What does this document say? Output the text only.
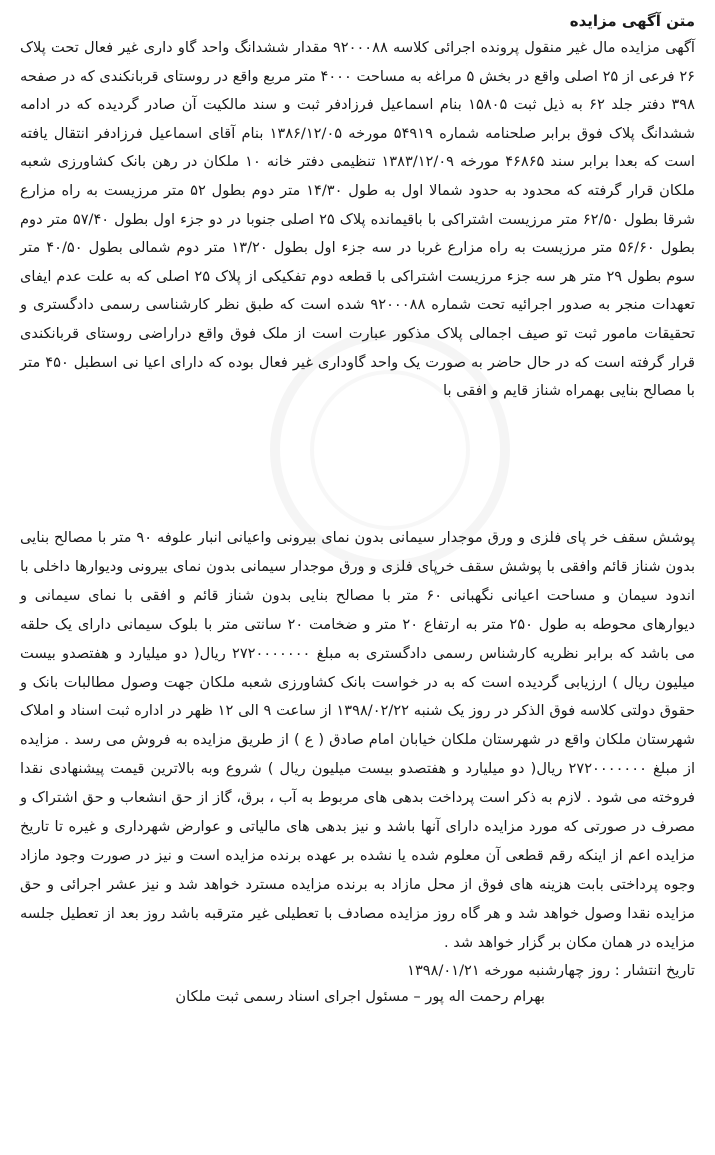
متن آگهی مزایده

آگهی مزایده مال غیر منقول پرونده اجرائی کلاسه ۹۲۰۰۰۸۸ مقدار ششدانگ واحد گاو داری غیر فعال تحت پلاک ۲۶ فرعی از ۲۵ اصلی واقع در بخش ۵ مراغه به مساحت ۴۰۰۰ متر مربع واقع در روستای قربانکندی که در صفحه ۳۹۸ دفتر جلد ۶۲ به ذیل ثبت ۱۵۸۰۵ بنام اسماعیل فرزادفر ثبت و سند مالکیت آن صادر گردیده که در ادامه ششدانگ پلاک فوق برابر صلحنامه شماره ۵۴۹۱۹ مورخه ۱۳۸۶/۱۲/۰۵ بنام آقای اسماعیل فرزادفر انتقال یافته است که بعدا برابر سند ۴۶۸۶۵ مورخه ۱۳۸۳/۱۲/۰۹ تنظیمی دفتر خانه ۱۰ ملکان در رهن بانک کشاورزی شعبه ملکان قرار گرفته که محدود به حدود شمالا اول به طول ۱۴/۳۰ متر دوم بطول ۵۲ متر مرزیست به راه مزارع شرقا بطول ۶۲/۵۰ متر مرزیست اشتراکی با باقیمانده پلاک ۲۵ اصلی جنوبا در دو جزء اول بطول ۵۷/۴۰ متر دوم بطول ۵۶/۶۰ متر مرزیست به راه مزارع غربا در سه جزء اول بطول ۱۳/۲۰ متر دوم شمالی بطول ۴۰/۵۰ متر سوم بطول ۲۹ متر هر سه جزء مرزیست اشتراکی با قطعه دوم تفکیکی از پلاک ۲۵ اصلی که به علت عدم ایفای تعهدات منجر به صدور اجرائیه تحت شماره ۹۲۰۰۰۸۸ شده است که طبق نظر کارشناسی رسمی دادگستری و تحقیقات مامور ثبت تو صیف اجمالی پلاک مذکور عبارت است از ملک فوق واقع دراراضی روستای قربانکندی قرار گرفته است که در حال حاضر به صورت یک واحد گاوداری غیر فعال بوده که دارای اعیا نی اسطبل ۴۵۰ متر با مصالح بنایی بهمراه شناز قایم و افقی با

پوشش سقف خر پای فلزی و ورق موجدار سیمانی بدون نمای بیرونی واعیانی انبار علوفه ۹۰ متر با مصالح بنایی بدون شناز قائم وافقی با پوشش سقف خرپای فلزی و ورق موجدار سیمانی بدون نمای بیرونی ودیوارها داخلی با اندود سیمان و مساحت اعیانی نگهبانی ۶۰ متر با مصالح بنایی بدون شناز قائم و افقی با نمای سیمانی و دیوارهای محوطه به طول ۲۵۰ متر به ارتفاع ۲۰ متر و ضخامت ۲۰ سانتی متر با بلوک سیمانی دارای یک حلقه می باشد که برابر نظریه کارشناس رسمی دادگستری به مبلغ ۲۷۲۰۰۰۰۰۰۰ ریال( دو میلیارد و هفتصدو بیست میلیون ریال ) ارزیابی گردیده است که به در خواست بانک کشاورزی شعبه ملکان جهت وصول مطالبات بانک و حقوق دولتی کلاسه فوق الذکر در روز یک شنبه ۱۳۹۸/۰۲/۲۲ از ساعت ۹ الی ۱۲ ظهر در اداره ثبت اسناد و املاک شهرستان ملکان واقع در شهرستان ملکان خیابان امام صادق ( ع ) از طریق مزایده به فروش می رسد . مزایده از مبلغ ۲۷۲۰۰۰۰۰۰۰ ریال( دو میلیارد و هفتصدو بیست میلیون ریال ) شروع وبه بالاترین قیمت پیشنهادی نقدا فروخته می شود . لازم به ذکر است پرداخت بدهی های مربوط به آب ، برق، گاز از حق انشعاب و حق اشتراک و مصرف در صورتی که مورد مزایده دارای آنها باشد و نیز بدهی های مالیاتی و عوارض شهرداری و غیره تا تاریخ مزایده اعم از اینکه رقم قطعی آن معلوم شده یا نشده بر عهده برنده مزایده است و نیز در صورت وجود مازاد وجوه پرداختی بابت هزینه های فوق از محل مازاد به برنده مزایده مسترد خواهد شد و نیز عشر اجرائی و حق مزایده نقدا وصول خواهد شد و هر گاه روز مزایده مصادف با تعطیلی غیر مترقبه باشد روز بعد از تعطیل جلسه مزایده در همان مکان بر گزار خواهد شد .

تاریخ انتشار : روز چهارشنبه مورخه ۱۳۹۸/۰۱/۲۱

بهرام رحمت اله پور – مسئول اجرای اسناد رسمی ثبت ملکان
